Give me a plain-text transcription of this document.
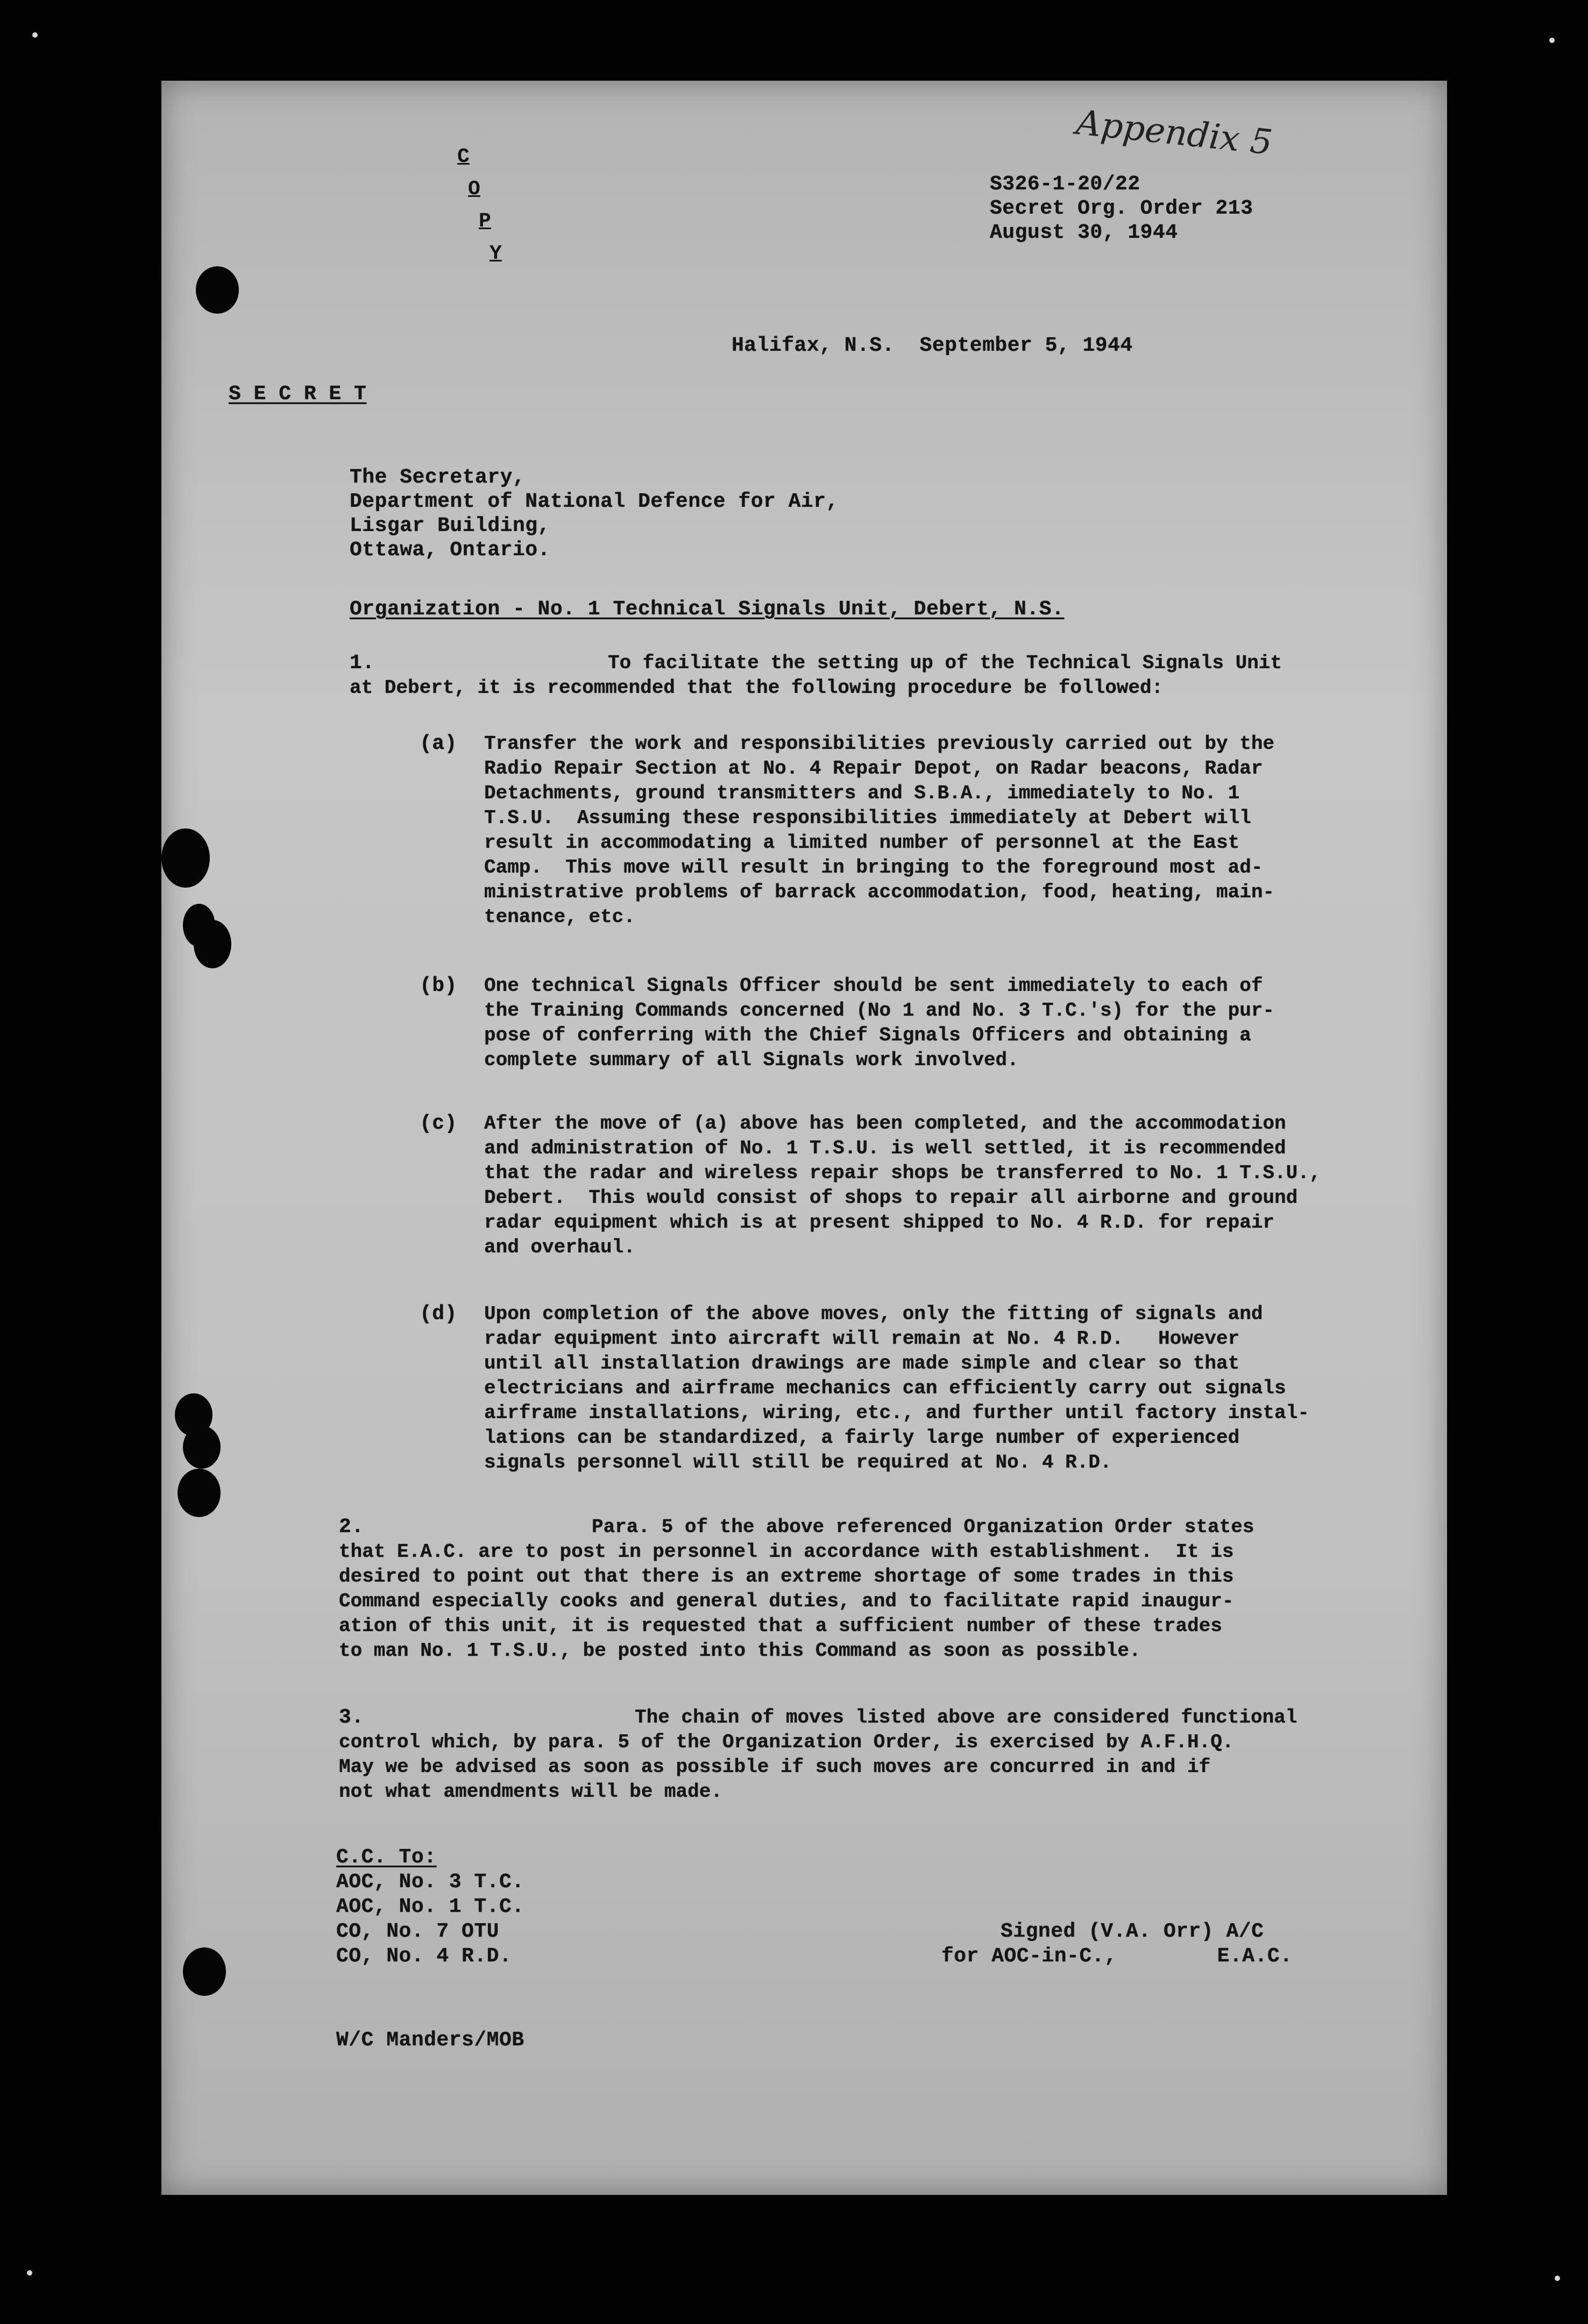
Appendix 5
C
O
P
Y
S326-1-20/22
Secret Org. Order 213
August 30, 1944
Halifax, N.S.  September 5, 1944
S E C R E T
The Secretary,
Department of National Defence for Air,
Lisgar Building,
Ottawa, Ontario.
Organization - No. 1 Technical Signals Unit, Debert, N.S.
1.	To facilitate the setting up of the Technical Signals Unit
at Debert, it is recommended that the following procedure be followed:
(a) Transfer the work and responsibilities previously carried out by the
Radio Repair Section at No. 4 Repair Depot, on Radar beacons, Radar
Detachments, ground transmitters and S.B.A., immediately to No. 1
T.S.U.  Assuming these responsibilities immediately at Debert will
result in accommodating a limited number of personnel at the East
Camp.  This move will result in bringing to the foreground most ad-
ministrative problems of barrack accommodation, food, heating, main-
tenance, etc.
(b) One technical Signals Officer should be sent immediately to each of
the Training Commands concerned (No 1 and No. 3 T.C.'s) for the pur-
pose of conferring with the Chief Signals Officers and obtaining a
complete summary of all Signals work involved.
(c) After the move of (a) above has been completed, and the accommodation
and administration of No. 1 T.S.U. is well settled, it is recommended
that the radar and wireless repair shops be transferred to No. 1 T.S.U.,
Debert.  This would consist of shops to repair all airborne and ground
radar equipment which is at present shipped to No. 4 R.D. for repair
and overhaul.
(d) Upon completion of the above moves, only the fitting of signals and
radar equipment into aircraft will remain at No. 4 R.D.   However
until all installation drawings are made simple and clear so that
electricians and airframe mechanics can efficiently carry out signals
airframe installations, wiring, etc., and further until factory instal-
lations can be standardized, a fairly large number of experienced
signals personnel will still be required at No. 4 R.D.
2.	Para. 5 of the above referenced Organization Order states
that E.A.C. are to post in personnel in accordance with establishment.  It is
desired to point out that there is an extreme shortage of some trades in this
Command especially cooks and general duties, and to facilitate rapid inaugur-
ation of this unit, it is requested that a sufficient number of these trades
to man No. 1 T.S.U., be posted into this Command as soon as possible.
3.	The chain of moves listed above are considered functional
control which, by para. 5 of the Organization Order, is exercised by A.F.H.Q.
May we be advised as soon as possible if such moves are concurred in and if
not what amendments will be made.
C.C. To:
AOC, No. 3 T.C.
AOC, No. 1 T.C.
CO, No. 7 OTU
CO, No. 4 R.D.
Signed (V.A. Orr) A/C
for AOC-in-C.,        E.A.C.
W/C Manders/MOB
